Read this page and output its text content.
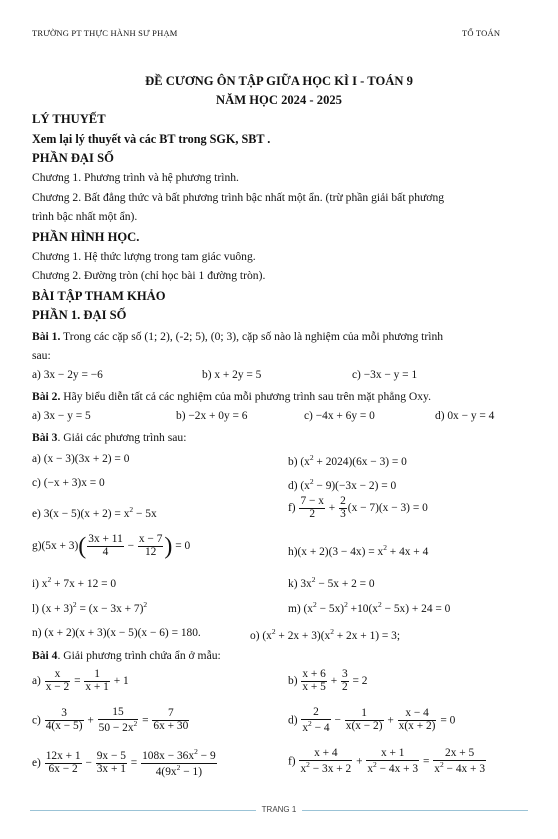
TRƯỜNG PT THỰC HÀNH SƯ PHẠM	TỔ TOÁN
ĐỀ CƯƠNG ÔN TẬP GIỮA HỌC KÌ I - TOÁN 9
NĂM HỌC 2024 - 2025
LÝ THUYẾT
Xem lại lý thuyết và các BT trong SGK, SBT .
PHẦN ĐẠI SỐ
Chương 1. Phương trình và hệ phương trình.
Chương 2. Bất đẳng thức và bất phương trình bậc nhất một ẩn. (trừ phần giải bất phương
trình bậc nhất một ẩn).
PHẦN HÌNH HỌC.
Chương 1. Hệ thức lượng trong tam giác vuông.
Chương 2. Đường tròn (chỉ học bài 1 đường tròn).
BÀI TẬP THAM KHẢO
PHẦN 1. ĐẠI SỐ
Bài 1. Trong các cặp số (1; 2), (-2; 5), (0; 3), cặp số nào là nghiệm của mỗi phương trình
sau:
a) 3x − 2y = −6	b) x + 2y = 5	c) −3x − y = 1
Bài 2. Hãy biểu diễn tất cả các nghiệm của mỗi phương trình sau trên mặt phẳng Oxy.
a) 3x − y = 5	b) −2x + 0y = 6	c) −4x + 6y = 0	d) 0x − y = 4
Bài 3. Giải các phương trình sau:
a) (x − 3)(3x + 2) = 0	b) $(x^2 + 2024)(6x - 3) = 0$
c) (−x + 3)x = 0	d) $(x^2 - 9)(-3x - 2) = 0$
e) $3(x - 5)(x + 2) = x^2 - 5x$	$f) \frac{7 - x}{2} + \frac{2}{3} (x - 7)(x - 3) = 0$
$g)(5x + 3)( \frac{3x + 11}{4} - \frac{x - 7}{12}$ ) = 0	$h)(x + 2)(3 - 4x) = x^2 + 4x + 4$
i) $x^2 + 7x + 12 = 0$	k) $3x^2 - 5x + 2 = 0$
l) $(x + 3)^2 = (x - 3x + 7)^2$	m) $(x^2 - 5x)^2 +10(x^2 - 5x) + 24 = 0$
n) (x + 2)(x + 3)(x − 5)(x − 6) = 180.	o) $(x^2 + 2x + 3)(x^2 + 2x + 1) = 3$;
Bài 4. Giải phương trình chứa ẩn ở mẫu:
$a) \frac{x}{x - 2} = \frac{1}{x + 1} + 1$	$b) \frac{x + 6}{x + 5} + \frac{3}{2} = 2$
$c) \frac{3}{4(x - 5)} + \frac{15}{50 - 2x^2} = \frac{7}{6x + 30}$	$d) \frac{2}{x^2 - 4} - \frac{1}{x(x - 2)} + \frac{x - 4}{x(x + 2)} = 0$
$e) \frac{12x + 1}{6x - 2} - \frac{9x - 5}{3x + 1} = \frac{108x - 36x^2 - 9}{4(9x^2 - 1)}$	$f) \frac{x + 4}{x^2 - 3x + 2} + \frac{x + 1}{x^2 - 4x + 3} = \frac{2x + 5}{x^2 - 4x + 3}$
TRANG 1
